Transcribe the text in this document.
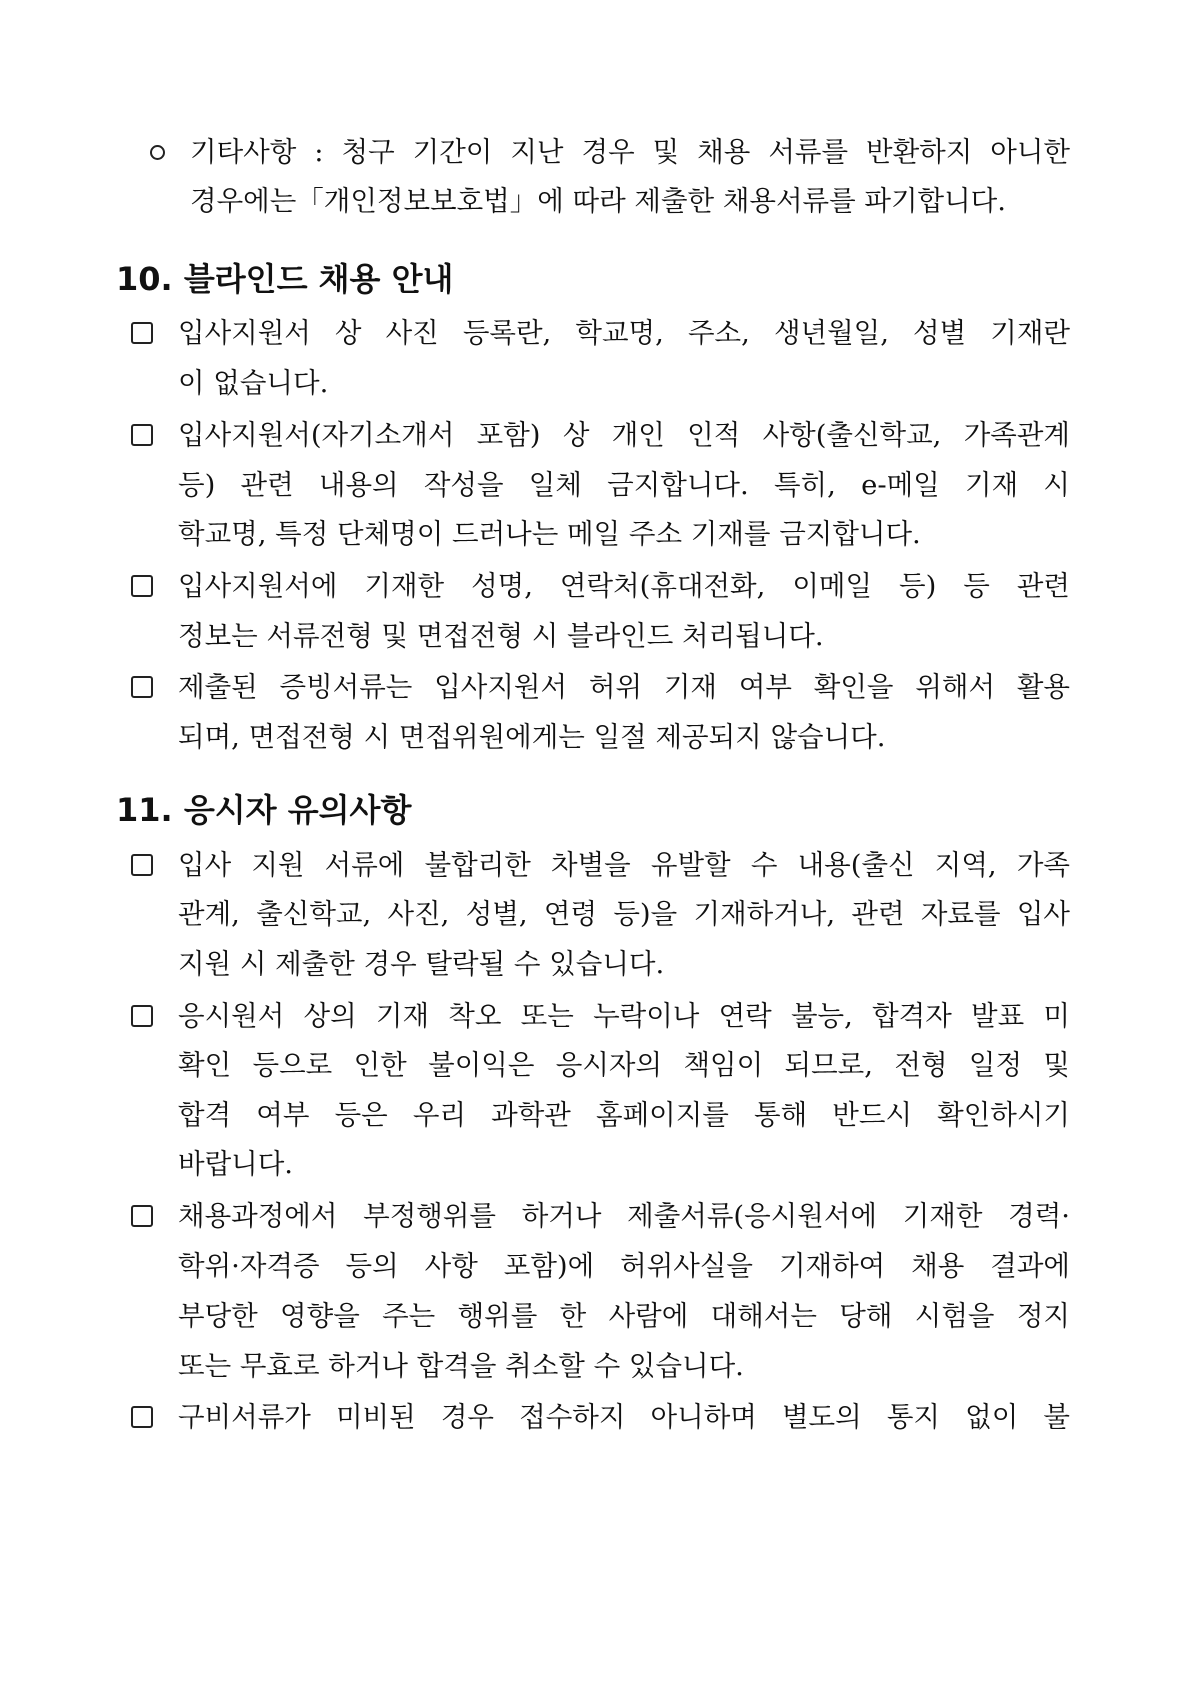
기타사항 : 청구 기간이 지난 경우 및 채용 서류를 반환하지 아니한
경우에는「개인정보보호법」에 따라 제출한 채용서류를 파기합니다.
10. 블라인드 채용 안내
입사지원서 상 사진 등록란, 학교명, 주소, 생년월일, 성별 기재란
이 없습니다.
입사지원서(자기소개서 포함) 상 개인 인적 사항(출신학교, 가족관계
등) 관련 내용의 작성을 일체 금지합니다. 특히, e-메일 기재 시
학교명, 특정 단체명이 드러나는 메일 주소 기재를 금지합니다.
입사지원서에 기재한 성명, 연락처(휴대전화, 이메일 등) 등 관련
정보는 서류전형 및 면접전형 시 블라인드 처리됩니다.
제출된 증빙서류는 입사지원서 허위 기재 여부 확인을 위해서 활용
되며, 면접전형 시 면접위원에게는 일절 제공되지 않습니다.
11. 응시자 유의사항
입사 지원 서류에 불합리한 차별을 유발할 수 내용(출신 지역, 가족
관계, 출신학교, 사진, 성별, 연령 등)을 기재하거나, 관련 자료를 입사
지원 시 제출한 경우 탈락될 수 있습니다.
응시원서 상의 기재 착오 또는 누락이나 연락 불능, 합격자 발표 미
확인 등으로 인한 불이익은 응시자의 책임이 되므로, 전형 일정 및
합격 여부 등은 우리 과학관 홈페이지를 통해 반드시 확인하시기
바랍니다.
채용과정에서 부정행위를 하거나 제출서류(응시원서에 기재한 경력·
학위·자격증 등의 사항 포함)에 허위사실을 기재하여 채용 결과에
부당한 영향을 주는 행위를 한 사람에 대해서는 당해 시험을 정지
또는 무효로 하거나 합격을 취소할 수 있습니다.
구비서류가 미비된 경우 접수하지 아니하며 별도의 통지 없이 불
